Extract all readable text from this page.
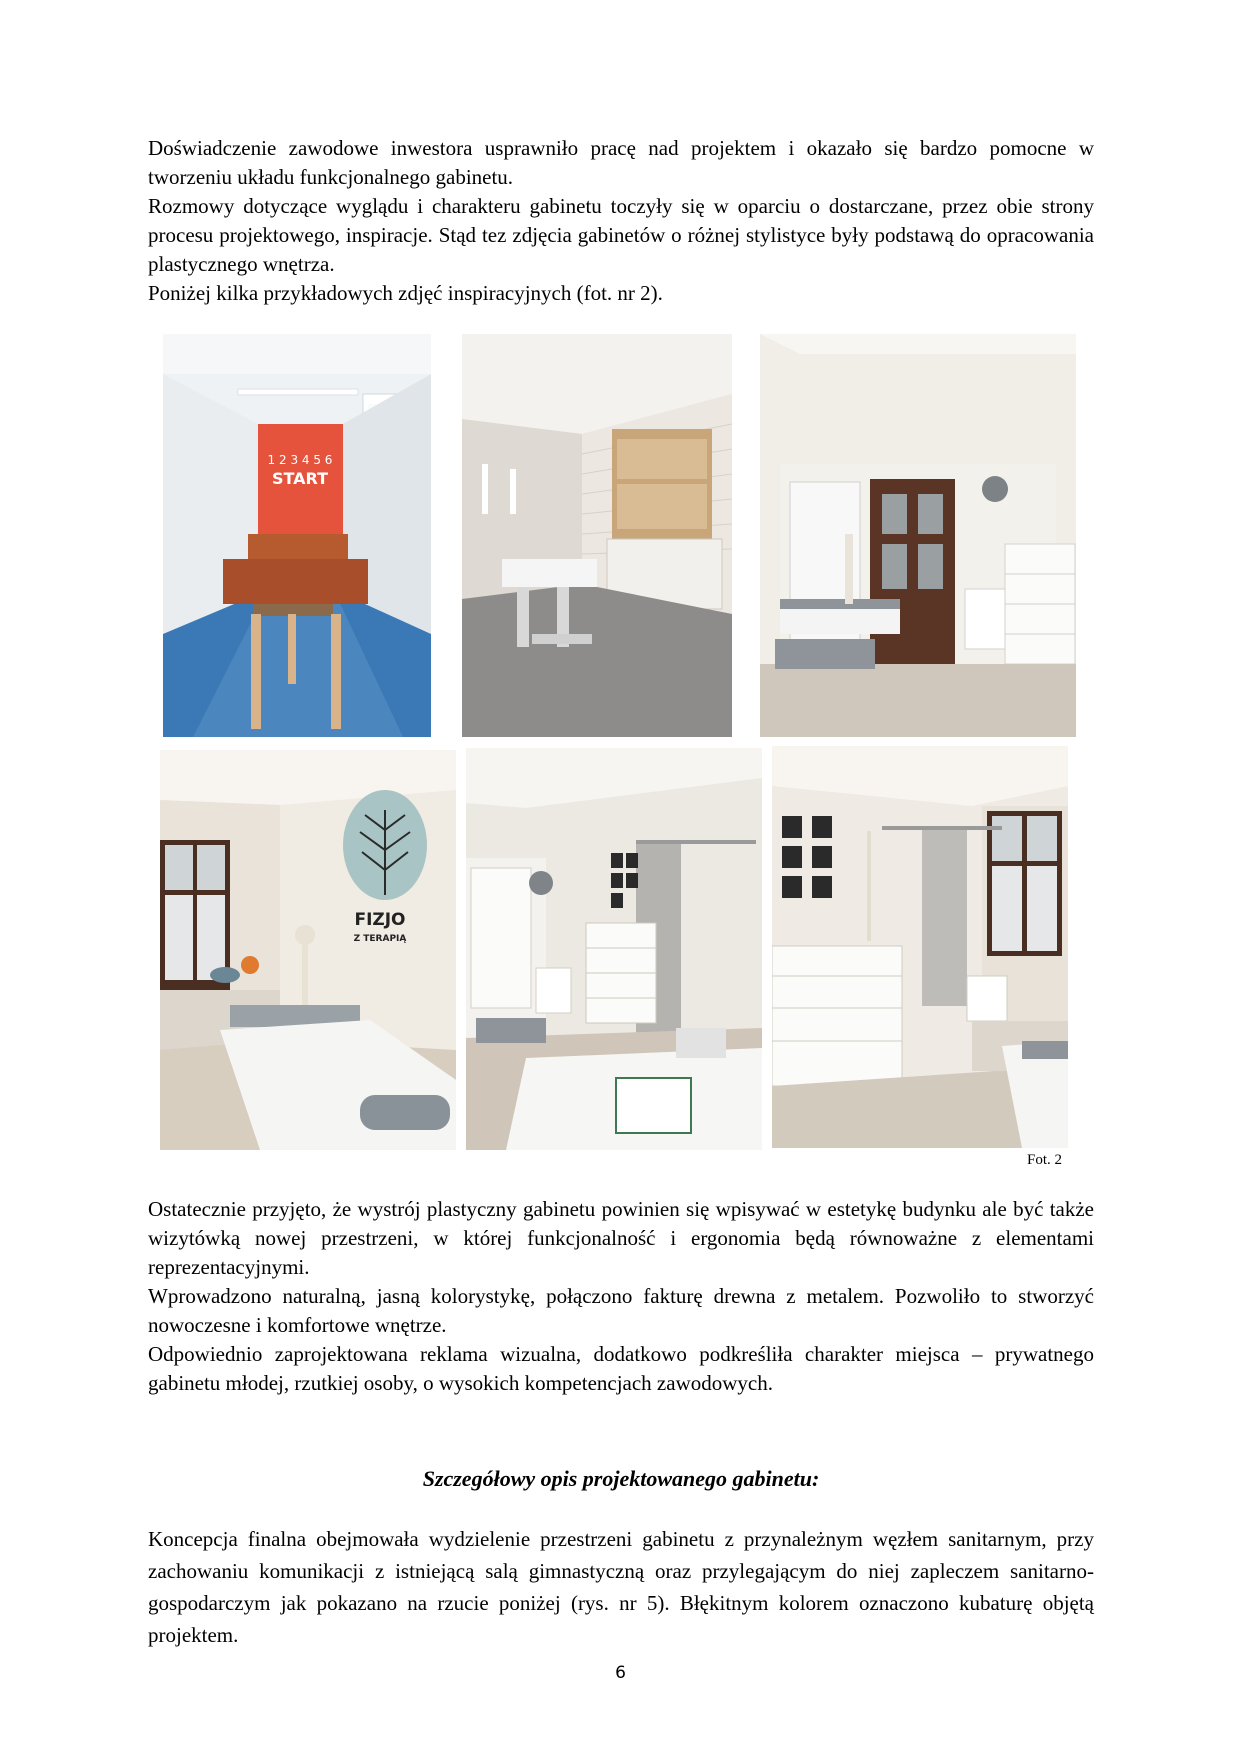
Doświadczenie zawodowe inwestora usprawniło pracę nad projektem i okazało się bardzo pomocne w tworzeniu układu funkcjonalnego gabinetu.

Rozmowy dotyczące wyglądu i charakteru gabinetu toczyły się w oparciu o dostarczane, przez obie strony procesu projektowego, inspiracje. Stąd tez zdjęcia gabinetów o różnej stylistyce były podstawą do opracowania plastycznego wnętrza.

Poniżej kilka przykładowych zdjęć inspiracyjnych (fot. nr 2).

1 2 3 4 5 6
START
FIZJO
Z TERAPIĄ
Fot. 2

Ostatecznie przyjęto, że wystrój plastyczny gabinetu powinien się wpisywać w estetykę budynku ale być także wizytówką nowej przestrzeni, w której funkcjonalność i ergonomia będą równoważne z elementami reprezentacyjnymi.

Wprowadzono naturalną, jasną kolorystykę, połączono fakturę drewna z metalem. Pozwoliło to stworzyć nowoczesne i komfortowe wnętrze.

Odpowiednio zaprojektowana reklama wizualna, dodatkowo podkreśliła charakter miejsca – prywatnego gabinetu młodej, rzutkiej osoby, o wysokich kompetencjach zawodowych.

Szczegółowy opis projektowanego gabinetu:

Koncepcja finalna obejmowała wydzielenie przestrzeni gabinetu z przynależnym węzłem sanitarnym, przy zachowaniu komunikacji z istniejącą salą gimnastyczną oraz przylegającym do niej zapleczem sanitarno-gospodarczym jak pokazano na rzucie poniżej (rys. nr 5). Błękitnym kolorem oznaczono kubaturę objętą projektem.

6
